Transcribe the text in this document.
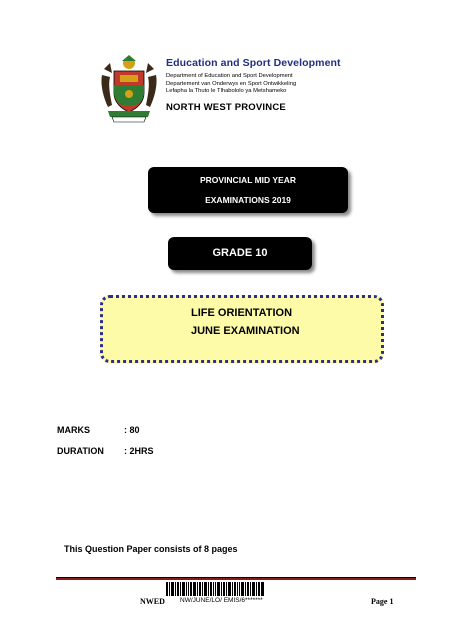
Education and Sport Development
Department of Education and Sport Development
Departement van Onderwys en Sport Ontwikkeling
Lefapha la Thuto le Tlhabololo ya Metshameko
NORTH WEST PROVINCE
PROVINCIAL MID YEAR
EXAMINATIONS 2019
GRADE 10
LIFE ORIENTATION
JUNE EXAMINATION
MARKS	: 80
DURATION : 2HRS
This Question Paper consists of 8 pages
NWED NW/JUNE/LO/ EMIS/6*******	Page 1
